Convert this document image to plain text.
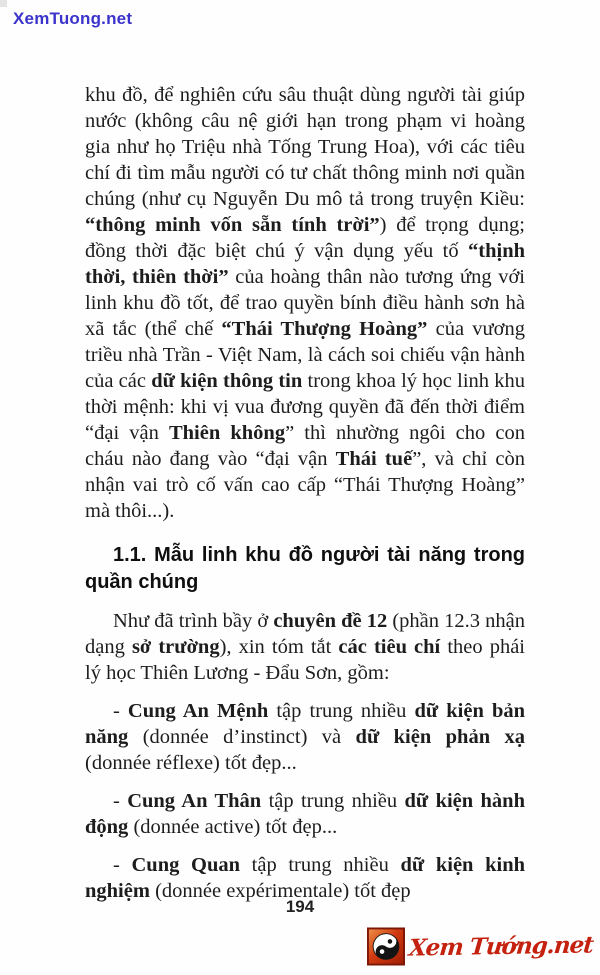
XemTuong.net

khu đồ, để nghiên cứu sâu thuật dùng người tài giúp nước (không câu nệ giới hạn trong phạm vi hoàng gia như họ Triệu nhà Tống Trung Hoa), với các tiêu chí đi tìm mẫu người có tư chất thông minh nơi quần chúng (như cụ Nguyễn Du mô tả trong truyện Kiều: “thông minh vốn sẵn tính trời”) để trọng dụng; đồng thời đặc biệt chú ý vận dụng yếu tố “thịnh thời, thiên thời” của hoàng thân nào tương ứng với linh khu đồ tốt, để trao quyền bính điều hành sơn hà xã tắc (thể chế “Thái Thượng Hoàng” của vương triều nhà Trần - Việt Nam, là cách soi chiếu vận hành của các dữ kiện thông tin trong khoa lý học linh khu thời mệnh: khi vị vua đương quyền đã đến thời điểm “đại vận Thiên không” thì nhường ngôi cho con cháu nào đang vào “đại vận Thái tuế”, và chỉ còn nhận vai trò cố vấn cao cấp “Thái Thượng Hoàng” mà thôi...).

1.1. Mẫu linh khu đồ người tài năng trong quần chúng

Như đã trình bầy ở chuyên đề 12 (phần 12.3 nhận dạng sở trường), xin tóm tắt các tiêu chí theo phái lý học Thiên Lương - Đẩu Sơn, gồm:

- Cung An Mệnh tập trung nhiều dữ kiện bản năng (donnée d’instinct) và dữ kiện phản xạ (donnée réflexe) tốt đẹp...

- Cung An Thân tập trung nhiều dữ kiện hành động (donnée active) tốt đẹp...

- Cung Quan tập trung nhiều dữ kiện kinh nghiệm (donnée expérimentale) tốt đẹp

194
Xem Tướng.net
